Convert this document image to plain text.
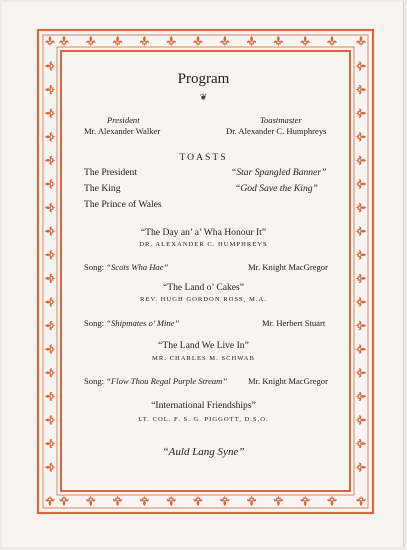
Program
❦
President
Mr. Alexander Walker
Toastmaster
Dr. Alexander C. Humphreys
TOASTS
The President	“Star Spangled Banner”
The King	“God Save the King”
The Prince of Wales
“The Day an’ a’ Wha Honour It”
DR. ALEXANDER C. HUMPHREYS
Song: “Scots Wha Hae”	Mr. Knight MacGregor
“The Land o’ Cakes”
REV. HUGH GORDON ROSS, M.A.
Song: “Shipmates o’ Mine”	Mr. Herbert Stuart
“The Land We Live In”
MR. CHARLES M. SCHWAB
Song: “Flow Thou Regal Purple Stream” Mr. Knight MacGregor
“International Friendships”
LT. COL. F. S. G. PIGGOTT, D.S.O.
“Auld Lang Syne”
